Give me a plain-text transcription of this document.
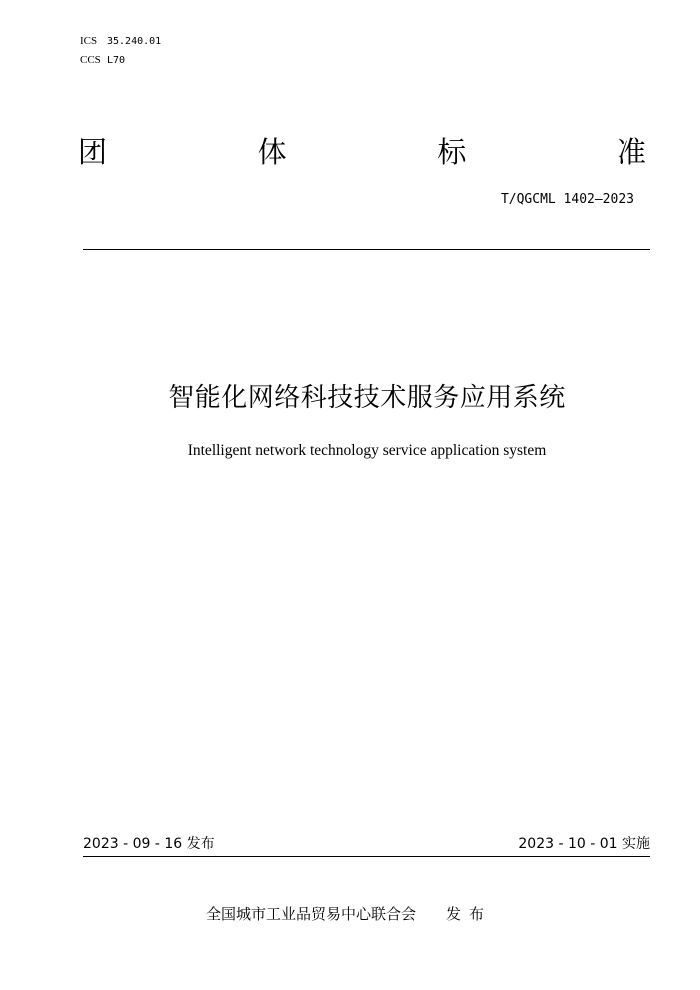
ICS 35.240.01
CCS L70
团	体	标	准
T/QGCML 1402—2023
智能化网络科技技术服务应用系统
Intelligent network technology service application system
2023 - 09 - 16 发布	2023 - 10 - 01 实施
全国城市工业品贸易中心联合会 发布
